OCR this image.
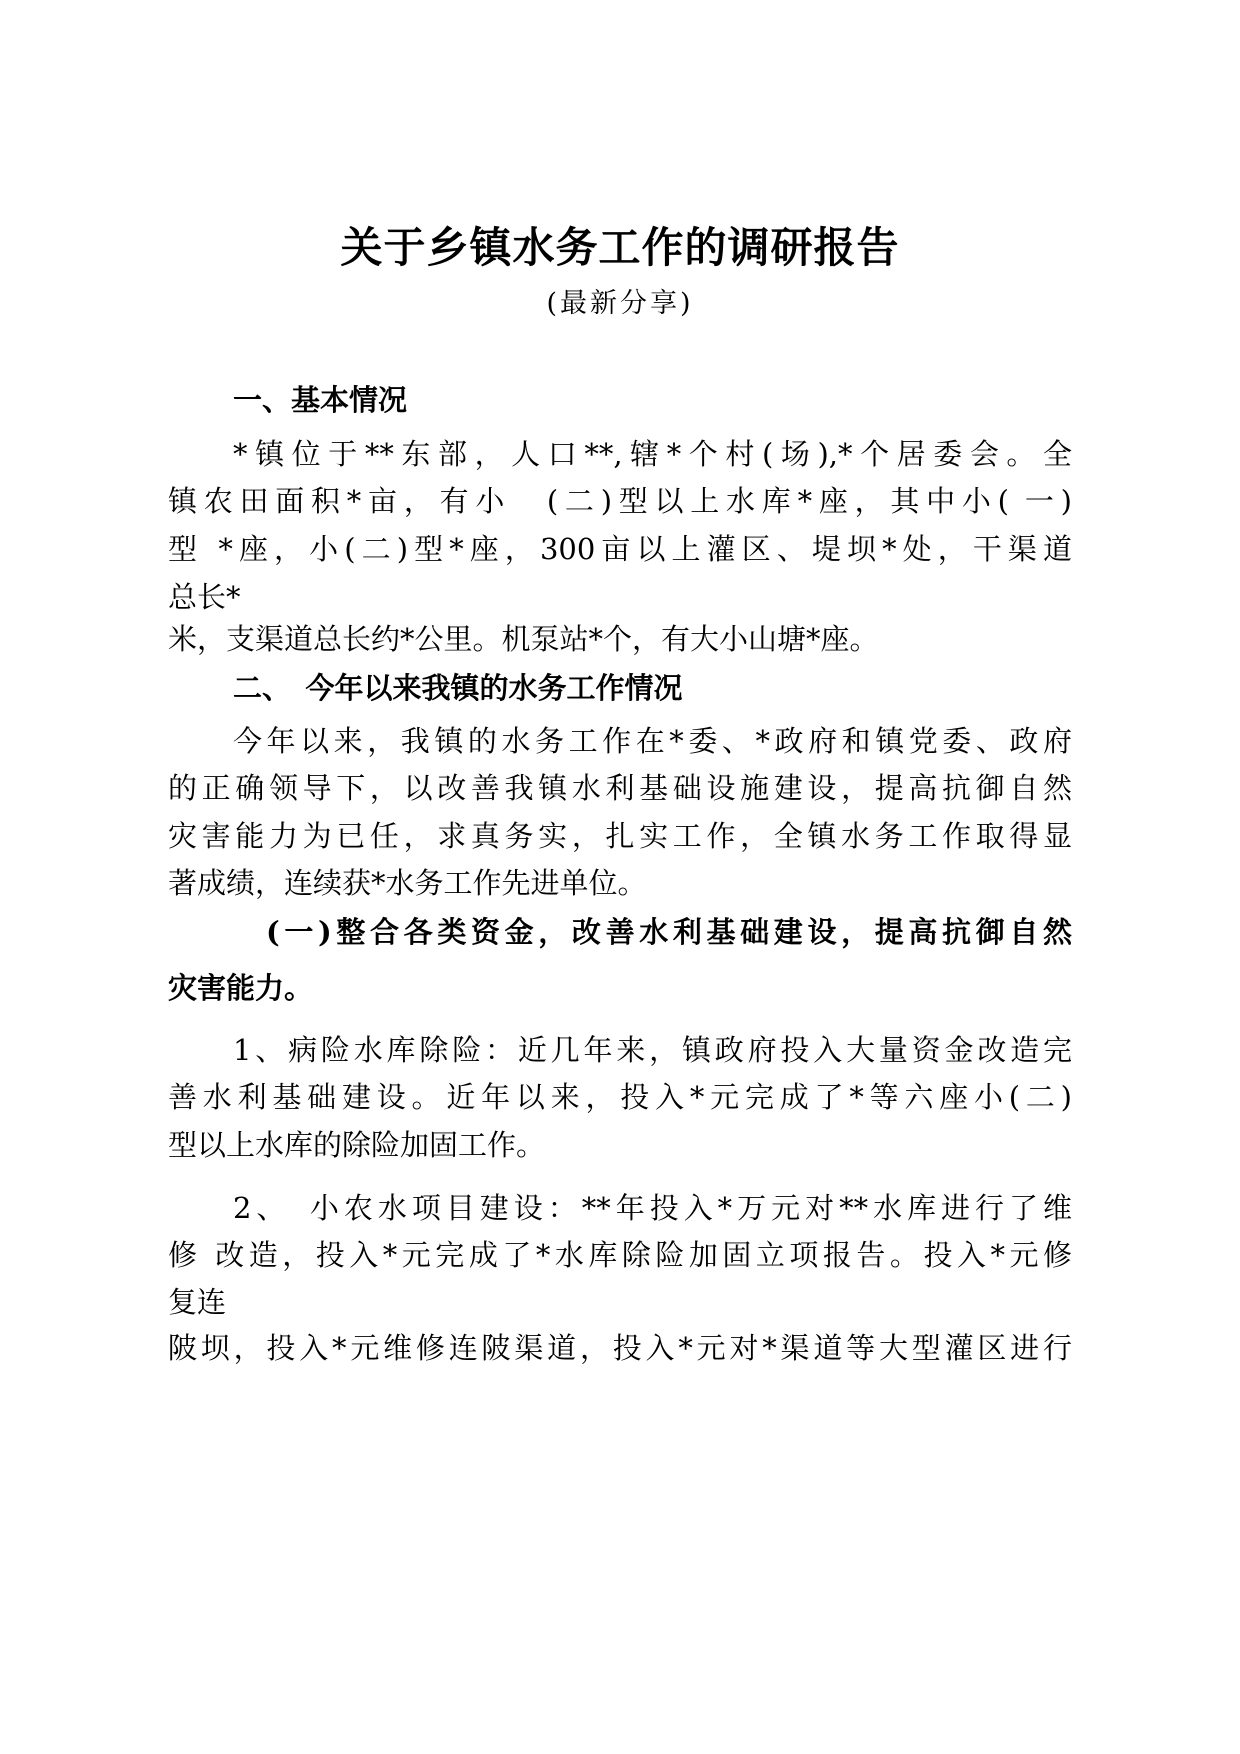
关于乡镇水务工作的调研报告
(最新分享)
一、基本情况
*镇位于**东部，人口**,辖*个村(场),*个居委会。全
镇农田面积*亩，有小　(二)型以上水库*座，其中小( 一)
型 *座，小(二)型*座，300亩以上灌区、堤坝*处，干渠道
总长*
米，支渠道总长约*公里。机泵站*个，有大小山塘*座。
二、　今年以来我镇的水务工作情况
今年以来，我镇的水务工作在*委、*政府和镇党委、政府
的正确领导下，以改善我镇水利基础设施建设，提高抗御自然
灾害能力为已任，求真务实，扎实工作，全镇水务工作取得显
著成绩，连续获*水务工作先进单位。
(一)整合各类资金，改善水利基础建设，提高抗御自然
灾害能力。
1、病险水库除险：近几年来，镇政府投入大量资金改造完
善水利基础建设。近年以来，投入*元完成了*等六座小(二)
型以上水库的除险加固工作。
2、　小农水项目建设：**年投入*万元对**水库进行了维
修 改造，投入*元完成了*水库除险加固立项报告。投入*元修
复连
陂坝，投入*元维修连陂渠道，投入*元对*渠道等大型灌区进行
